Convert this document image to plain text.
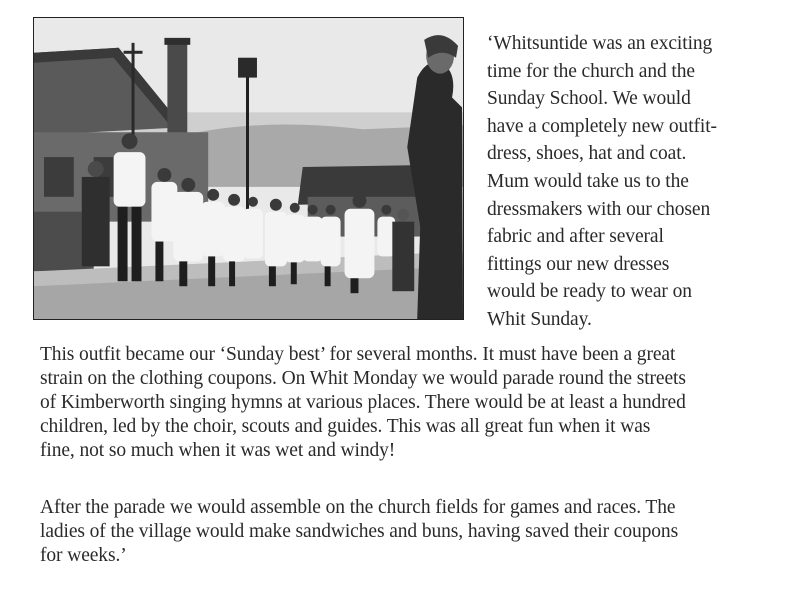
‘Whitsuntide was an exciting
time for the church and the
Sunday School. We would
have a completely new outfit-
dress, shoes, hat and coat.
Mum would take us to the
dressmakers with our chosen
fabric and after several
fittings our new dresses
would be ready to wear on
Whit Sunday.

This outfit became our ‘Sunday best’ for several months. It must have been a great
strain on the clothing coupons. On Whit Monday we would parade round the streets
of Kimberworth singing hymns at various places. There would be at least a hundred
children, led by the choir, scouts and guides. This was all great fun when it was
fine, not so much when it was wet and windy!

After the parade we would assemble on the church fields for games and races. The
ladies of the village would make sandwiches and buns, having saved their coupons
for weeks.’
